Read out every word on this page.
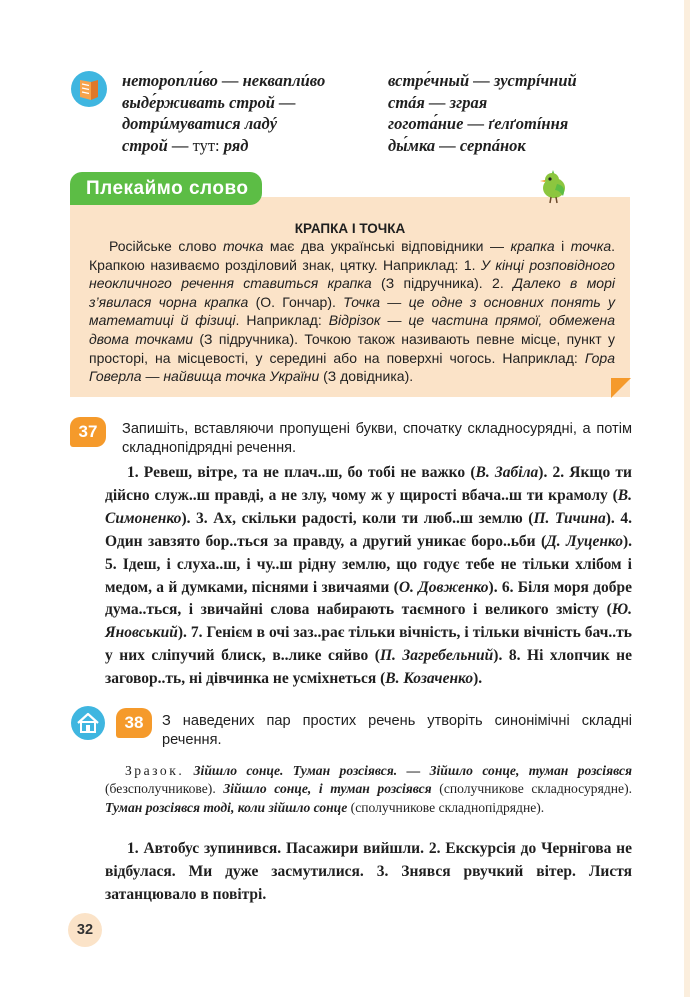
неторопли́во — некваплúво
выде́рживать строй —
дотрúмуватися ладý
строй — тут: ряд
встре́чный — зустрíчний
стáя — зграя
гогота́ние — ґелґотíння
ды́мка — серпáнок
Плекаймо слово
КРАПКА І ТОЧКА
Російське слово точка має два українські відповідники — крапка і точка. Крапкою називаємо розділовий знак, цятку. Наприклад: 1. У кінці розповідного неокличного речення ставиться крапка (З підручника). 2. Далеко в морі з’явилася чорна крапка (О. Гончар). Точка — це одне з основних понять у математиці й фізиці. Наприклад: Відрізок — це частина прямої, обмежена двома точками (З підручника). Точкою також називають певне місце, пункт у просторі, на місцевості, у середині або на поверхні чогось. Наприклад: Гора Говерла — найвища точка України (З довідника).
37	Запишіть, вставляючи пропущені букви, спочатку складносурядні, а потім складнопідрядні речення.
1. Ревеш, вітре, та не плач..ш, бо тобі не важко (В. Забіла). 2. Якщо ти дійсно служ..ш правді, а не злу, чому ж у щирості вбача..ш ти крамолу (В. Симоненко). 3. Ах, скільки радості, коли ти люб..ш землю (П. Тичина). 4. Один завзято бор..ться за правду, а другий уникає боро..ьби (Д. Луценко). 5. Ідеш, і слуха..ш, і чу..ш рідну землю, що годує тебе не тільки хлібом і медом, а й думками, піснями і звичаями (О. Довженко). 6. Біля моря добре дума..ться, і звичайні слова набирають таємного і великого змісту (Ю. Яновський). 7. Генієм в очі заз..рає тільки вічність, і тільки вічність бач..ть у них сліпучий блиск, в..лике сяйво (П. Загребельний). 8. Ні хлопчик не заговор..ть, ні дівчинка не усміхнеться (В. Козаченко).
38	З наведених пар простих речень утворіть синонімічні складні речення.
Зразок. Зійшло сонце. Туман розсіявся. — Зійшло сонце, туман розсіявся (безсполучникове). Зійшло сонце, і туман розсіявся (сполучникове складносурядне). Туман розсіявся тоді, коли зійшло сонце (сполучникове складнопідрядне).
1. Автобус зупинився. Пасажири вийшли. 2. Екскурсія до Чернігова не відбулася. Ми дуже засмутилися. 3. Знявся рвучкий вітер. Листя затанцювало в повітрі.
32
